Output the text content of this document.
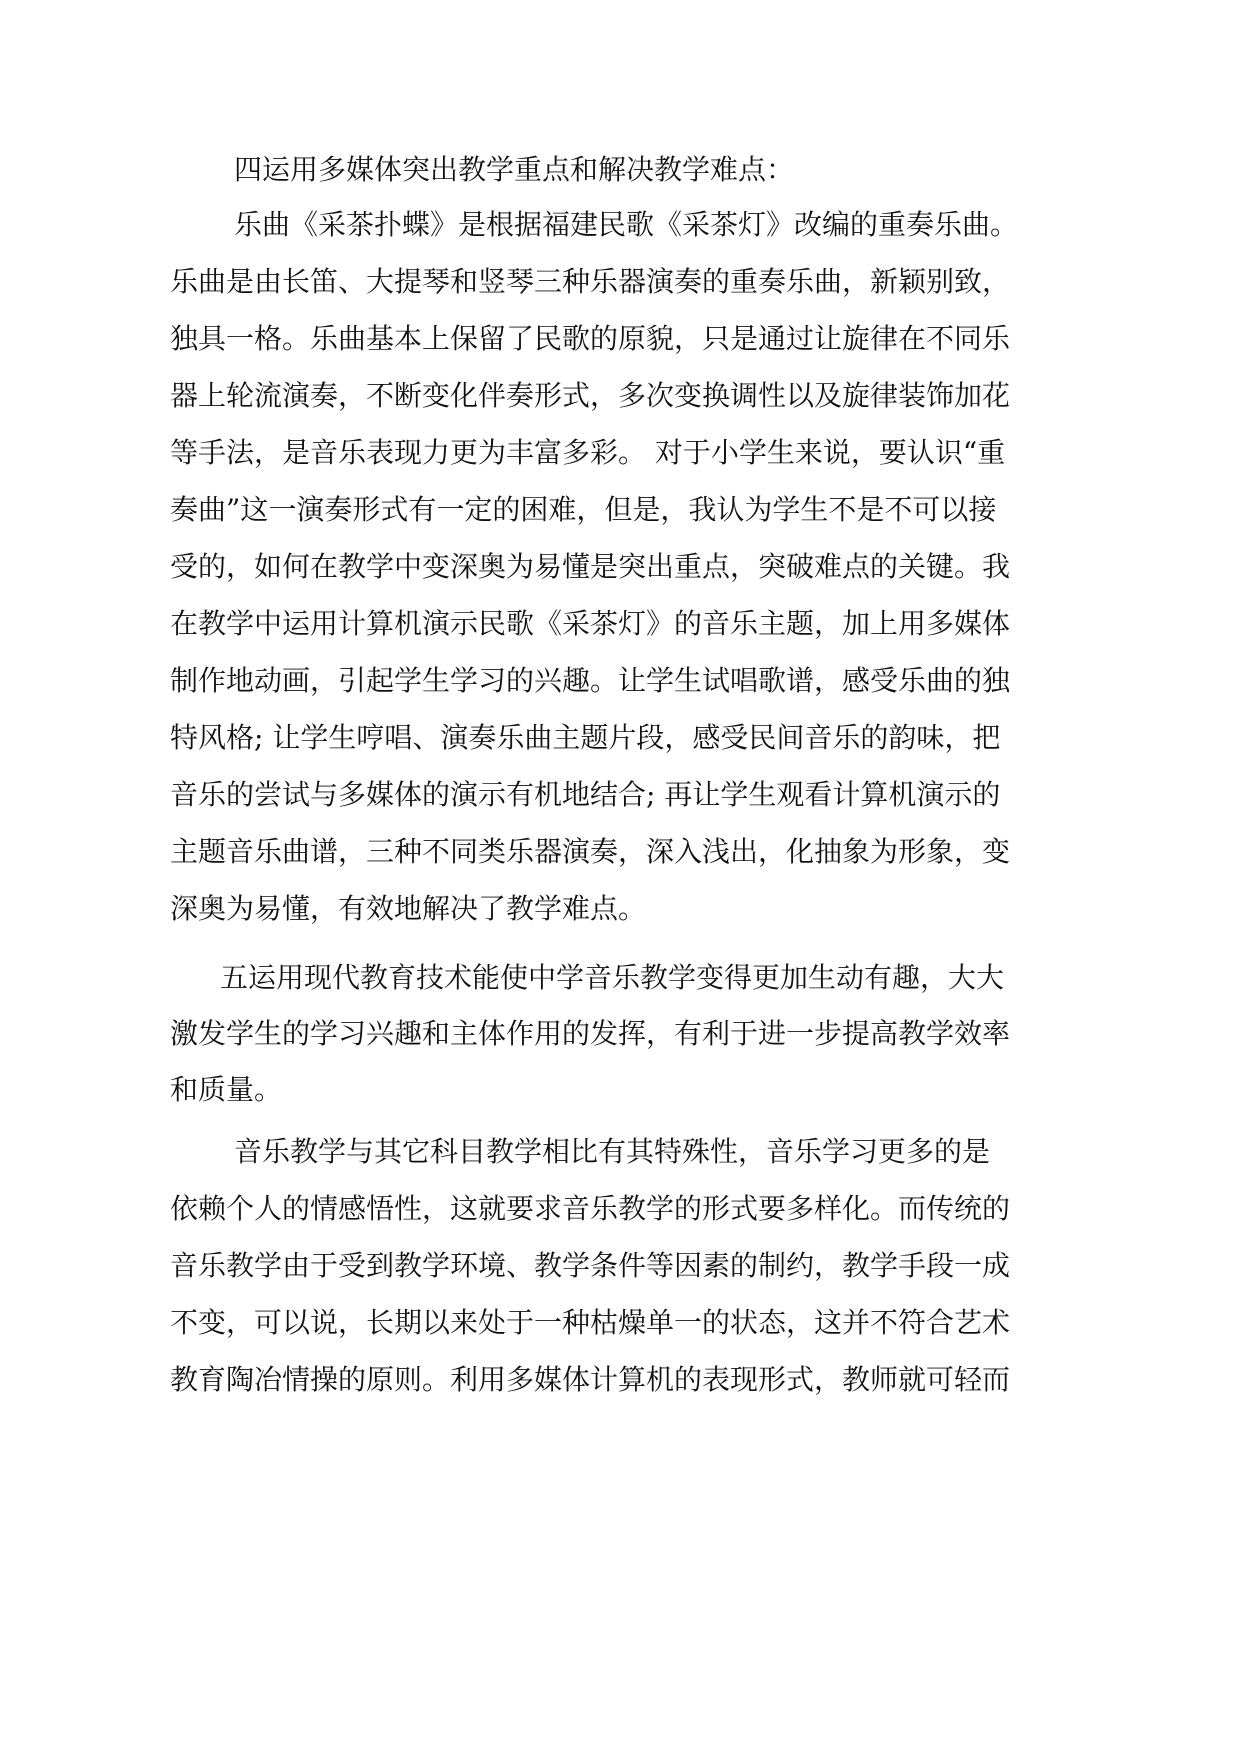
四运用多媒体突出教学重点和解决教学难点：

乐曲《采茶扑蝶》是根据福建民歌《采茶灯》改编的重奏乐曲。

乐曲是由长笛、大提琴和竖琴三种乐器演奏的重奏乐曲，新颖别致，

独具一格。乐曲基本上保留了民歌的原貌，只是通过让旋律在不同乐

器上轮流演奏，不断变化伴奏形式，多次变换调性以及旋律装饰加花

等手法，是音乐表现力更为丰富多彩。 对于小学生来说，要认识“重

奏曲”这一演奏形式有一定的困难，但是，我认为学生不是不可以接

受的，如何在教学中变深奥为易懂是突出重点，突破难点的关键。我

在教学中运用计算机演示民歌《采茶灯》的音乐主题，加上用多媒体

制作地动画，引起学生学习的兴趣。让学生试唱歌谱，感受乐曲的独

特风格; 让学生哼唱、演奏乐曲主题片段，感受民间音乐的韵味，把

音乐的尝试与多媒体的演示有机地结合; 再让学生观看计算机演示的

主题音乐曲谱，三种不同类乐器演奏，深入浅出，化抽象为形象，变

深奥为易懂，有效地解决了教学难点。

五运用现代教育技术能使中学音乐教学变得更加生动有趣，大大

激发学生的学习兴趣和主体作用的发挥，有利于进一步提高教学效率

和质量。

音乐教学与其它科目教学相比有其特殊性，音乐学习更多的是

依赖个人的情感悟性，这就要求音乐教学的形式要多样化。而传统的

音乐教学由于受到教学环境、教学条件等因素的制约，教学手段一成

不变，可以说，长期以来处于一种枯燥单一的状态，这并不符合艺术

教育陶冶情操的原则。利用多媒体计算机的表现形式，教师就可轻而
